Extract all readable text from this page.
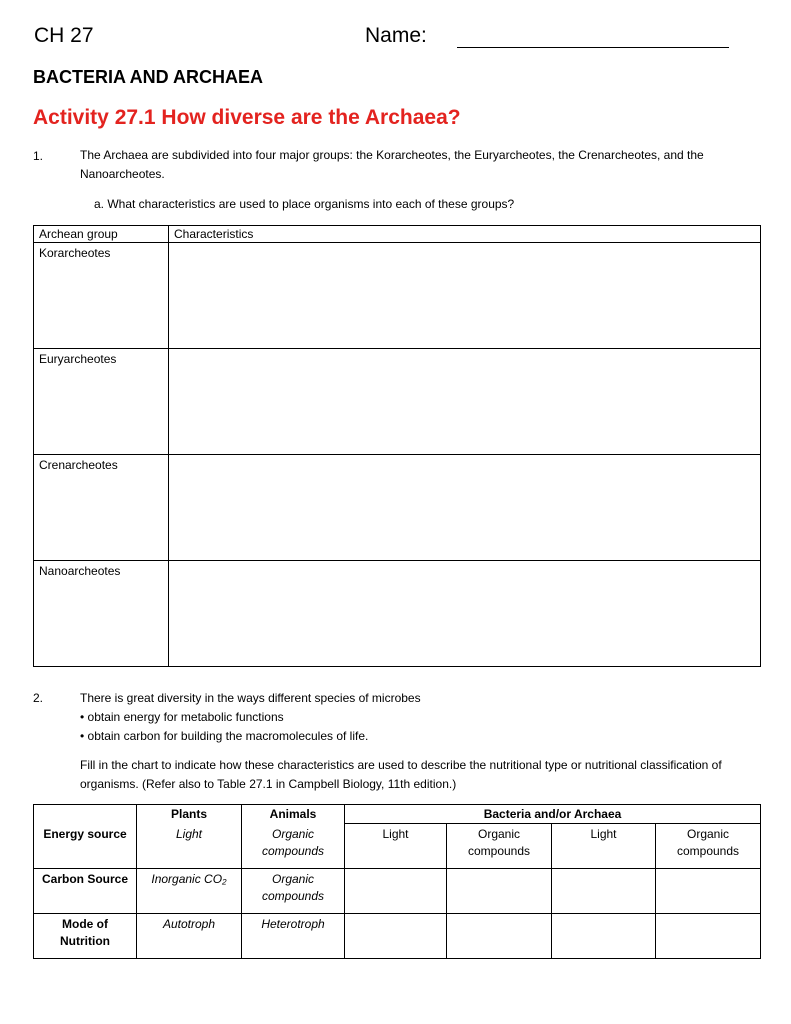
CH 27	Name:
BACTERIA AND ARCHAEA
Activity 27.1 How diverse are the Archaea?
1.	The Archaea are subdivided into four major groups: the Korarcheotes, the Euryarcheotes, the Crenarcheotes, and the Nanoarcheotes.
a. What characteristics are used to place organisms into each of these groups?
Archean group	Characteristics
Korarcheotes	
Euryarcheotes	
Crenarcheotes	
Nanoarcheotes	
2.	There is great diversity in the ways different species of microbes
• obtain energy for metabolic functions
• obtain carbon for building the macromolecules of life.
Fill in the chart to indicate how these characteristics are used to describe the nutritional type or nutritional classification of organisms. (Refer also to Table 27.1 in Campbell Biology, 11th edition.)
	Plants	Animals	Bacteria and/or Archaea			
Energy source	Light	Organic compounds	Light	Organic compounds	Light	Organic compounds
Carbon Source	Inorganic CO₂	Organic compounds				
Mode of Nutrition	Autotroph	Heterotroph				
